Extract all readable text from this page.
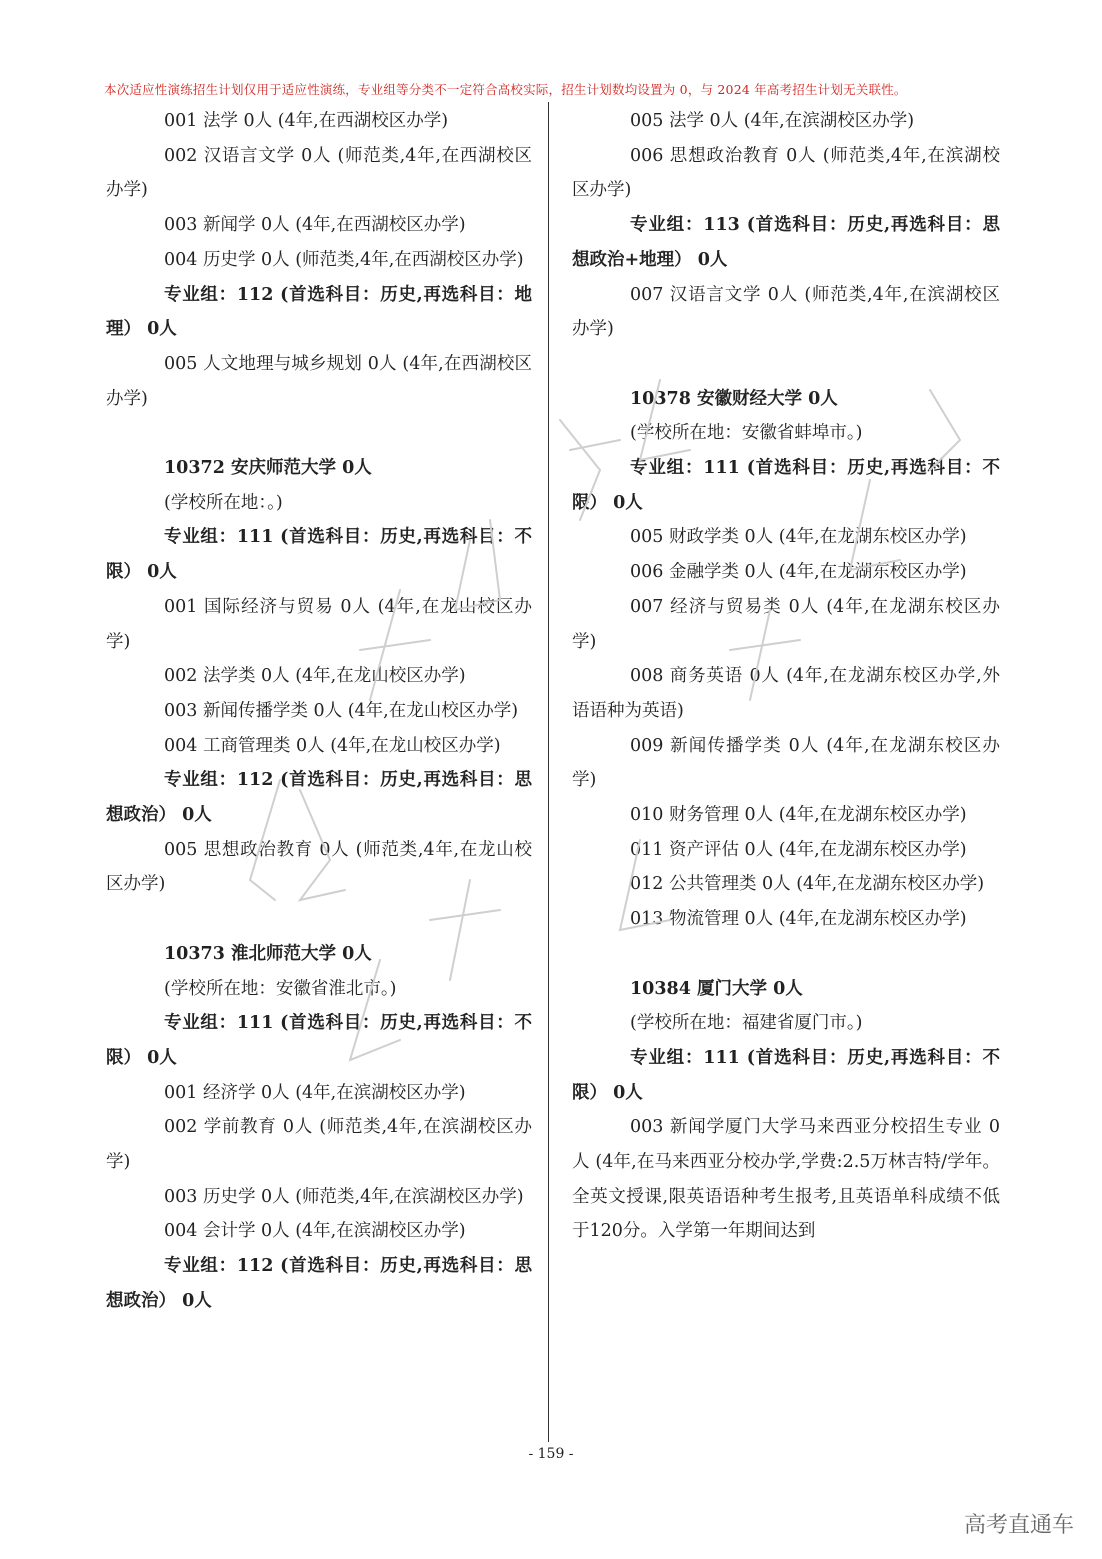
本次适应性演练招生计划仅用于适应性演练，专业组等分类不一定符合高校实际，招生计划数均设置为 0，与 2024 年高考招生计划无关联性。

001 法学 0人 (4年,在西湖校区办学)

002 汉语言文学 0人 (师范类,4年,在西湖校区办学)

003 新闻学 0人 (4年,在西湖校区办学)

004 历史学 0人 (师范类,4年,在西湖校区办学)

专业组：112 (首选科目：历史,再选科目：地理） 0人

005 人文地理与城乡规划 0人 (4年,在西湖校区办学)

10372 安庆师范大学 0人

(学校所在地：。)

专业组：111 (首选科目：历史,再选科目：不限） 0人

001 国际经济与贸易 0人 (4年,在龙山校区办学)

002 法学类 0人 (4年,在龙山校区办学)

003 新闻传播学类 0人 (4年,在龙山校区办学)

004 工商管理类 0人 (4年,在龙山校区办学)

专业组：112 (首选科目：历史,再选科目：思想政治） 0人

005 思想政治教育 0人 (师范类,4年,在龙山校区办学)

10373 淮北师范大学 0人

(学校所在地：安徽省淮北市。)

专业组：111 (首选科目：历史,再选科目：不限） 0人

001 经济学 0人 (4年,在滨湖校区办学)

002 学前教育 0人 (师范类,4年,在滨湖校区办学)

003 历史学 0人 (师范类,4年,在滨湖校区办学)

004 会计学 0人 (4年,在滨湖校区办学)

专业组：112 (首选科目：历史,再选科目：思想政治） 0人

005 法学 0人 (4年,在滨湖校区办学)

006 思想政治教育 0人 (师范类,4年,在滨湖校区办学)

专业组：113 (首选科目：历史,再选科目：思想政治+地理） 0人

007 汉语言文学 0人 (师范类,4年,在滨湖校区办学)

10378 安徽财经大学 0人

(学校所在地：安徽省蚌埠市。)

专业组：111 (首选科目：历史,再选科目：不限） 0人

005 财政学类 0人 (4年,在龙湖东校区办学)

006 金融学类 0人 (4年,在龙湖东校区办学)

007 经济与贸易类 0人 (4年,在龙湖东校区办学)

008 商务英语 0人 (4年,在龙湖东校区办学,外语语种为英语)

009 新闻传播学类 0人 (4年,在龙湖东校区办学)

010 财务管理 0人 (4年,在龙湖东校区办学)

011 资产评估 0人 (4年,在龙湖东校区办学)

012 公共管理类 0人 (4年,在龙湖东校区办学)

013 物流管理 0人 (4年,在龙湖东校区办学)

10384 厦门大学 0人

(学校所在地：福建省厦门市。)

专业组：111 (首选科目：历史,再选科目：不限） 0人

003 新闻学厦门大学马来西亚分校招生专业 0人 (4年,在马来西亚分校办学,学费:2.5万林吉特/学年。全英文授课,限英语语种考生报考,且英语单科成绩不低于120分。入学第一年期间达到

- 159 -
高考直通车
